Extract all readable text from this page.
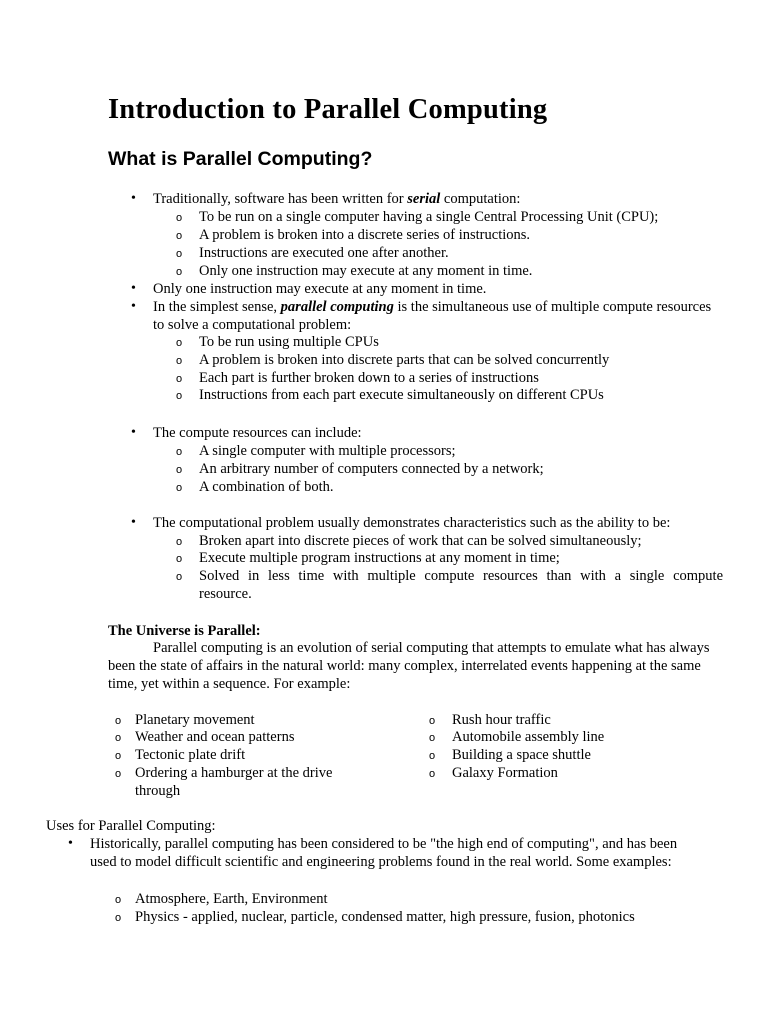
Introduction to Parallel Computing
What is Parallel Computing?
• Traditionally, software has been written for serial computation:
o To be run on a single computer having a single Central Processing Unit (CPU);
o A problem is broken into a discrete series of instructions.
o Instructions are executed one after another.
o Only one instruction may execute at any moment in time.
• Only one instruction may execute at any moment in time.
• In the simplest sense, parallel computing is the simultaneous use of multiple compute resources
to solve a computational problem:
o To be run using multiple CPUs
o A problem is broken into discrete parts that can be solved concurrently
o Each part is further broken down to a series of instructions
o Instructions from each part execute simultaneously on different CPUs
• The compute resources can include:
o A single computer with multiple processors;
o An arbitrary number of computers connected by a network;
o A combination of both.
• The computational problem usually demonstrates characteristics such as the ability to be:
o Broken apart into discrete pieces of work that can be solved simultaneously;
o Execute multiple program instructions at any moment in time;
o Solved in less time with multiple compute resources than with a single compute
resource.
The Universe is Parallel:
Parallel computing is an evolution of serial computing that attempts to emulate what has always
been the state of affairs in the natural world: many complex, interrelated events happening at the same
time, yet within a sequence. For example:
o Planetary movement
o Weather and ocean patterns
o Tectonic plate drift
o Ordering a hamburger at the drive
through
o Rush hour traffic
o Automobile assembly line
o Building a space shuttle
o Galaxy Formation
Uses for Parallel Computing:
• Historically, parallel computing has been considered to be "the high end of computing", and has been
used to model difficult scientific and engineering problems found in the real world. Some examples:
o Atmosphere, Earth, Environment
o Physics - applied, nuclear, particle, condensed matter, high pressure, fusion, photonics
